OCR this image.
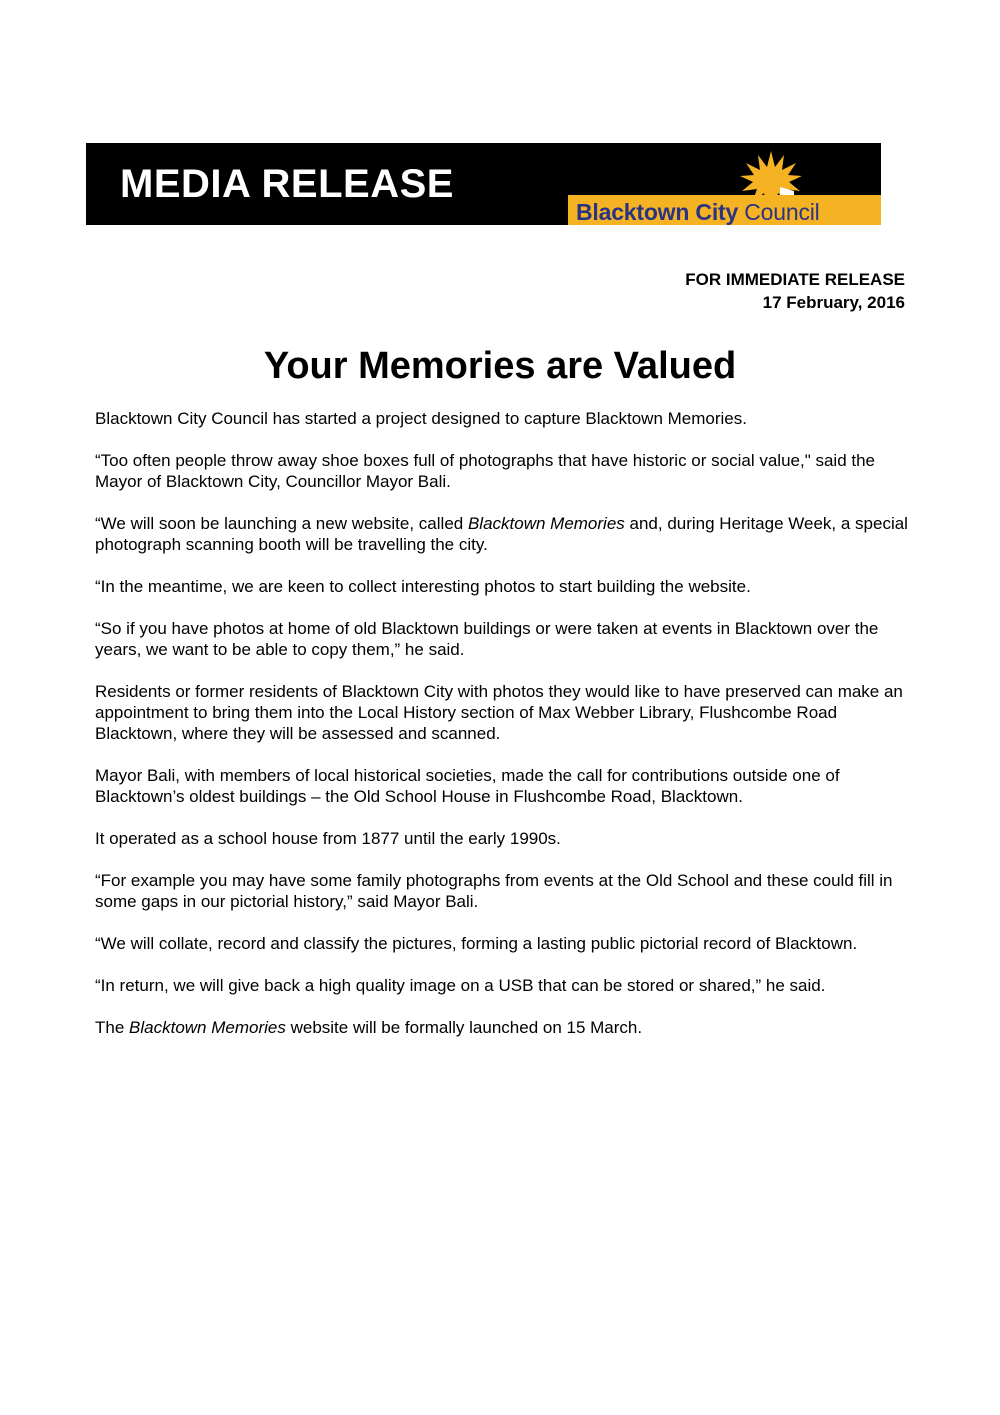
MEDIA RELEASE
Blacktown City Council
FOR IMMEDIATE RELEASE
17 February, 2016
Your Memories are Valued

Blacktown City Council has started a project designed to capture Blacktown Memories.

“Too often people throw away shoe boxes full of photographs that have historic or social value," said the Mayor of Blacktown City, Councillor Mayor Bali.

“We will soon be launching a new website, called Blacktown Memories and, during Heritage Week, a special photograph scanning booth will be travelling the city.

“In the meantime, we are keen to collect interesting photos to start building the website.

“So if you have photos at home of old Blacktown buildings or were taken at events in Blacktown over the years, we want to be able to copy them,” he said.

Residents or former residents of Blacktown City with photos they would like to have preserved can make an appointment to bring them into the Local History section of Max Webber Library, Flushcombe Road Blacktown, where they will be assessed and scanned.

Mayor Bali, with members of local historical societies, made the call for contributions outside one of Blacktown’s oldest buildings – the Old School House in Flushcombe Road, Blacktown.

It operated as a school house from 1877 until the early 1990s.

“For example you may have some family photographs from events at the Old School and these could fill in some gaps in our pictorial history,” said Mayor Bali.

“We will collate, record and classify the pictures, forming a lasting public pictorial record of Blacktown.

“In return, we will give back a high quality image on a USB that can be stored or shared,” he said.

The Blacktown Memories website will be formally launched on 15 March.
